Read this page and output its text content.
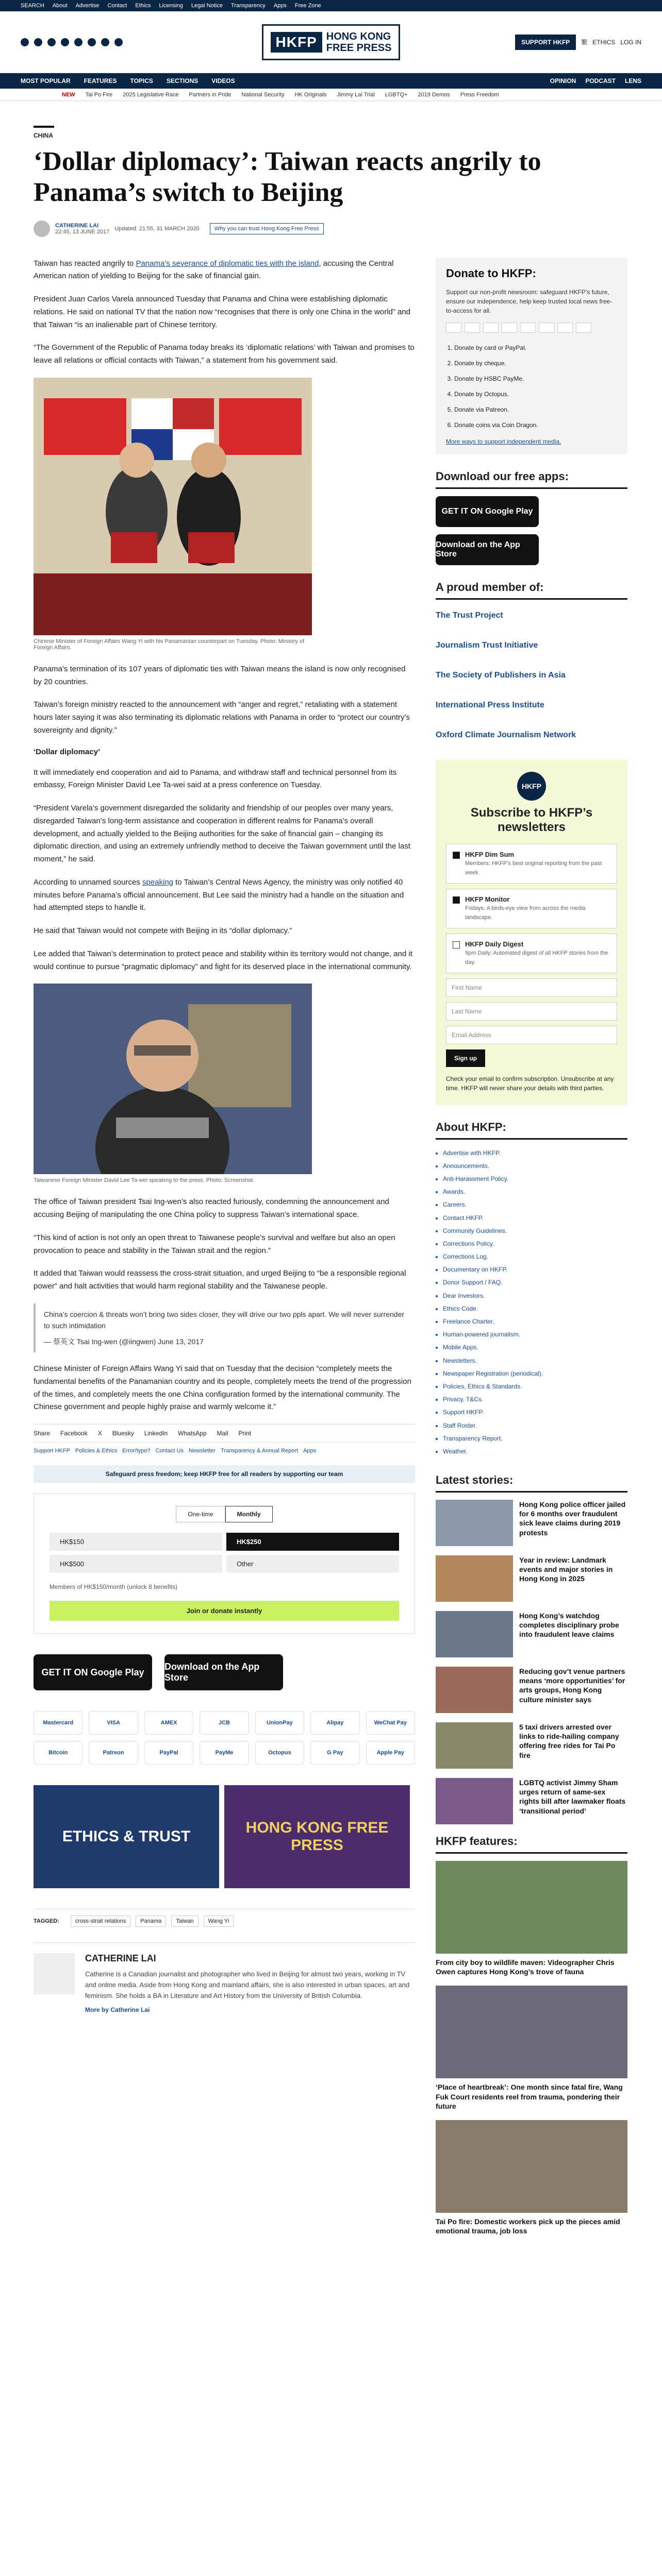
SEARCH About Advertise Contact Ethics Licensing Legal Notice Transparency Apps Free Zone
HKFP HONG KONG
FREE PRESS	SUPPORT HKFP	繁 ETHICS LOG IN
MOST POPULAR FEATURES TOPICS SECTIONS VIDEOS	OPINION PODCAST LENS
NEW Tai Po Fire 2025 Legislative Race Partners in Pride National Security HK Originals Jimmy Lai Trial LGBTQ+ 2019 Demos Press Freedom
CHINA
‘Dollar diplomacy’: Taiwan reacts angrily to Panama’s switch to Beijing
CATHERINE LAI
22:45, 13 JUNE 2017 Updated: 21:55, 31 MARCH 2020	Why you can trust Hong Kong Free Press

Taiwan has reacted angrily to Panama’s severance of diplomatic ties with the island, accusing the Central American nation of yielding to Beijing for the sake of financial gain.

President Juan Carlos Varela announced Tuesday that Panama and China were establishing diplomatic relations. He said on national TV that the nation now “recognises that there is only one China in the world” and that Taiwan “is an inalienable part of Chinese territory.

“The Government of the Republic of Panama today breaks its ‘diplomatic relations’ with Taiwan and promises to leave all relations or official contacts with Taiwan,” a statement from his government said.

Chinese Minister of Foreign Affairs Wang Yi with his Panamanian counterpart on Tuesday. Photo: Ministry of Foreign Affairs.

Panama’s termination of its 107 years of diplomatic ties with Taiwan means the island is now only recognised by 20 countries.

Taiwan’s foreign ministry reacted to the announcement with “anger and regret,” retaliating with a statement hours later saying it was also terminating its diplomatic relations with Panama in order to “protect our country’s sovereignty and dignity.”

‘Dollar diplomacy’

It will immediately end cooperation and aid to Panama, and withdraw staff and technical personnel from its embassy, Foreign Minister David Lee Ta-wei said at a press conference on Tuesday.

“President Varela’s government disregarded the solidarity and friendship of our peoples over many years, disregarded Taiwan’s long-term assistance and cooperation in different realms for Panama’s overall development, and actually yielded to the Beijing authorities for the sake of financial gain – changing its diplomatic direction, and using an extremely unfriendly method to deceive the Taiwan government until the last moment,” he said.

According to unnamed sources speaking to Taiwan’s Central News Agency, the ministry was only notified 40 minutes before Panama’s official announcement. But Lee said the ministry had a handle on the situation and had attempted steps to handle it.

He said that Taiwan would not compete with Beijing in its “dollar diplomacy.”

Lee added that Taiwan’s determination to protect peace and stability within its territory would not change, and it would continue to pursue “pragmatic diplomacy” and fight for its deserved place in the international community.

Taiwanese Foreign Minister David Lee Ta-wei speaking to the press. Photo: Screenshot.

The office of Taiwan president Tsai Ing-wen’s also reacted furiously, condemning the announcement and accusing Beijing of manipulating the one China policy to suppress Taiwan’s international space.

“This kind of action is not only an open threat to Taiwanese people’s survival and welfare but also an open provocation to peace and stability in the Taiwan strait and the region.”

It added that Taiwan would reassess the cross-strait situation, and urged Beijing to “be a responsible regional power” and halt activities that would harm regional stability and the Taiwanese people.

China’s coercion & threats won’t bring two sides closer, they will drive our two ppls apart. We will never surrender to such intimidation
— 蔡英文 Tsai Ing-wen (@iingwen) June 13, 2017

Chinese Minister of Foreign Affairs Wang Yi said that on Tuesday that the decision “completely meets the fundamental benefits of the Panamanian country and its people, completely meets the trend of the progression of the times, and completely meets the one China configuration formed by the international community. The Chinese government and people highly praise and warmly welcome it.”

Share Facebook X Bluesky LinkedIn WhatsApp Mail Print
Support HKFP Policies & Ethics Error/typo? Contact Us Newsletter Transparency & Annual Report Apps
Safeguard press freedom; keep HKFP free for all readers by supporting our team
One-time	Monthly
HK$150	HK$250
HK$500	Other
Members of HK$150/month (unlock 8 benefits)
Join or donate instantly
GET IT ON Google Play
Download on the App Store
Mastercard	VISA	AMEX	JCB	UnionPay	Alipay	WeChat Pay
Bitcoin	Patreon	PayPal	PayMe	Octopus	G Pay	Apple Pay
ETHICS & TRUST
HONG KONG FREE PRESS
TAGGED:	cross-strait relations	Panama	Taiwan	Wang Yi
CATHERINE LAI

Catherine is a Canadian journalist and photographer who lived in Beijing for almost two years, working in TV and online media. Aside from Hong Kong and mainland affairs, she is also interested in urban spaces, art and feminism. She holds a BA in Literature and Art History from the University of British Columbia.

More by Catherine Lai
Donate to HKFP:

Support our non-profit newsroom: safeguard HKFP’s future, ensure our independence, help keep trusted local news free-to-access for all.

1. Donate by card or PayPal.
2. Donate by cheque.
3. Donate by HSBC PayMe.
4. Donate by Octopus.
5. Donate via Patreon.
6. Donate coins via Coin Dragon.
More ways to support independent media.
Download our free apps:
GET IT ON Google Play
Download on the App Store
A proud member of:
The Trust Project
Journalism Trust Initiative
The Society of Publishers in Asia
International Press Institute
Oxford Climate Journalism Network
HKFP
Subscribe to HKFP’s newsletters
HKFP Dim Sum
Members: HKFP’s best original reporting from the past week.
HKFP Monitor
Fridays: A birds-eye view from across the media landscape.
HKFP Daily Digest
9pm Daily: Automated digest of all HKFP stories from the day.
First Name
Last Name
Email Address
Sign up

Check your email to confirm subscription. Unsubscribe at any time. HKFP will never share your details with third parties.

About HKFP:
• Advertise with HKFP.
• Announcements.
• Anti-Harassment Policy.
• Awards.
• Careers.
• Contact HKFP.
• Community Guidelines.
• Corrections Policy.
• Corrections Log.
• Documentary on HKFP.
• Donor Support / FAQ.
• Dear Investors.
• Ethics Code.
• Freelance Charter.
• Human-powered journalism.
• Mobile Apps.
• Newsletters.
• Newspaper Registration (periodical).
• Policies, Ethics & Standards.
• Privacy, T&Cs.
• Support HKFP.
• Staff Roster.
• Transparency Report.
• Weather.
Latest stories:
Hong Kong police officer jailed for 6 months over fraudulent sick leave claims during 2019 protests
Year in review: Landmark events and major stories in Hong Kong in 2025
Hong Kong’s watchdog completes disciplinary probe into fraudulent leave claims
Reducing gov’t venue partners means ‘more opportunities’ for arts groups, Hong Kong culture minister says
5 taxi drivers arrested over links to ride-hailing company offering free rides for Tai Po fire
LGBTQ activist Jimmy Sham urges return of same-sex rights bill after lawmaker floats ‘transitional period’
HKFP features:
From city boy to wildlife maven: Videographer Chris Owen captures Hong Kong’s trove of fauna
‘Place of heartbreak’: One month since fatal fire, Wang Fuk Court residents reel from trauma, pondering their future
Tai Po fire: Domestic workers pick up the pieces amid emotional trauma, job loss
